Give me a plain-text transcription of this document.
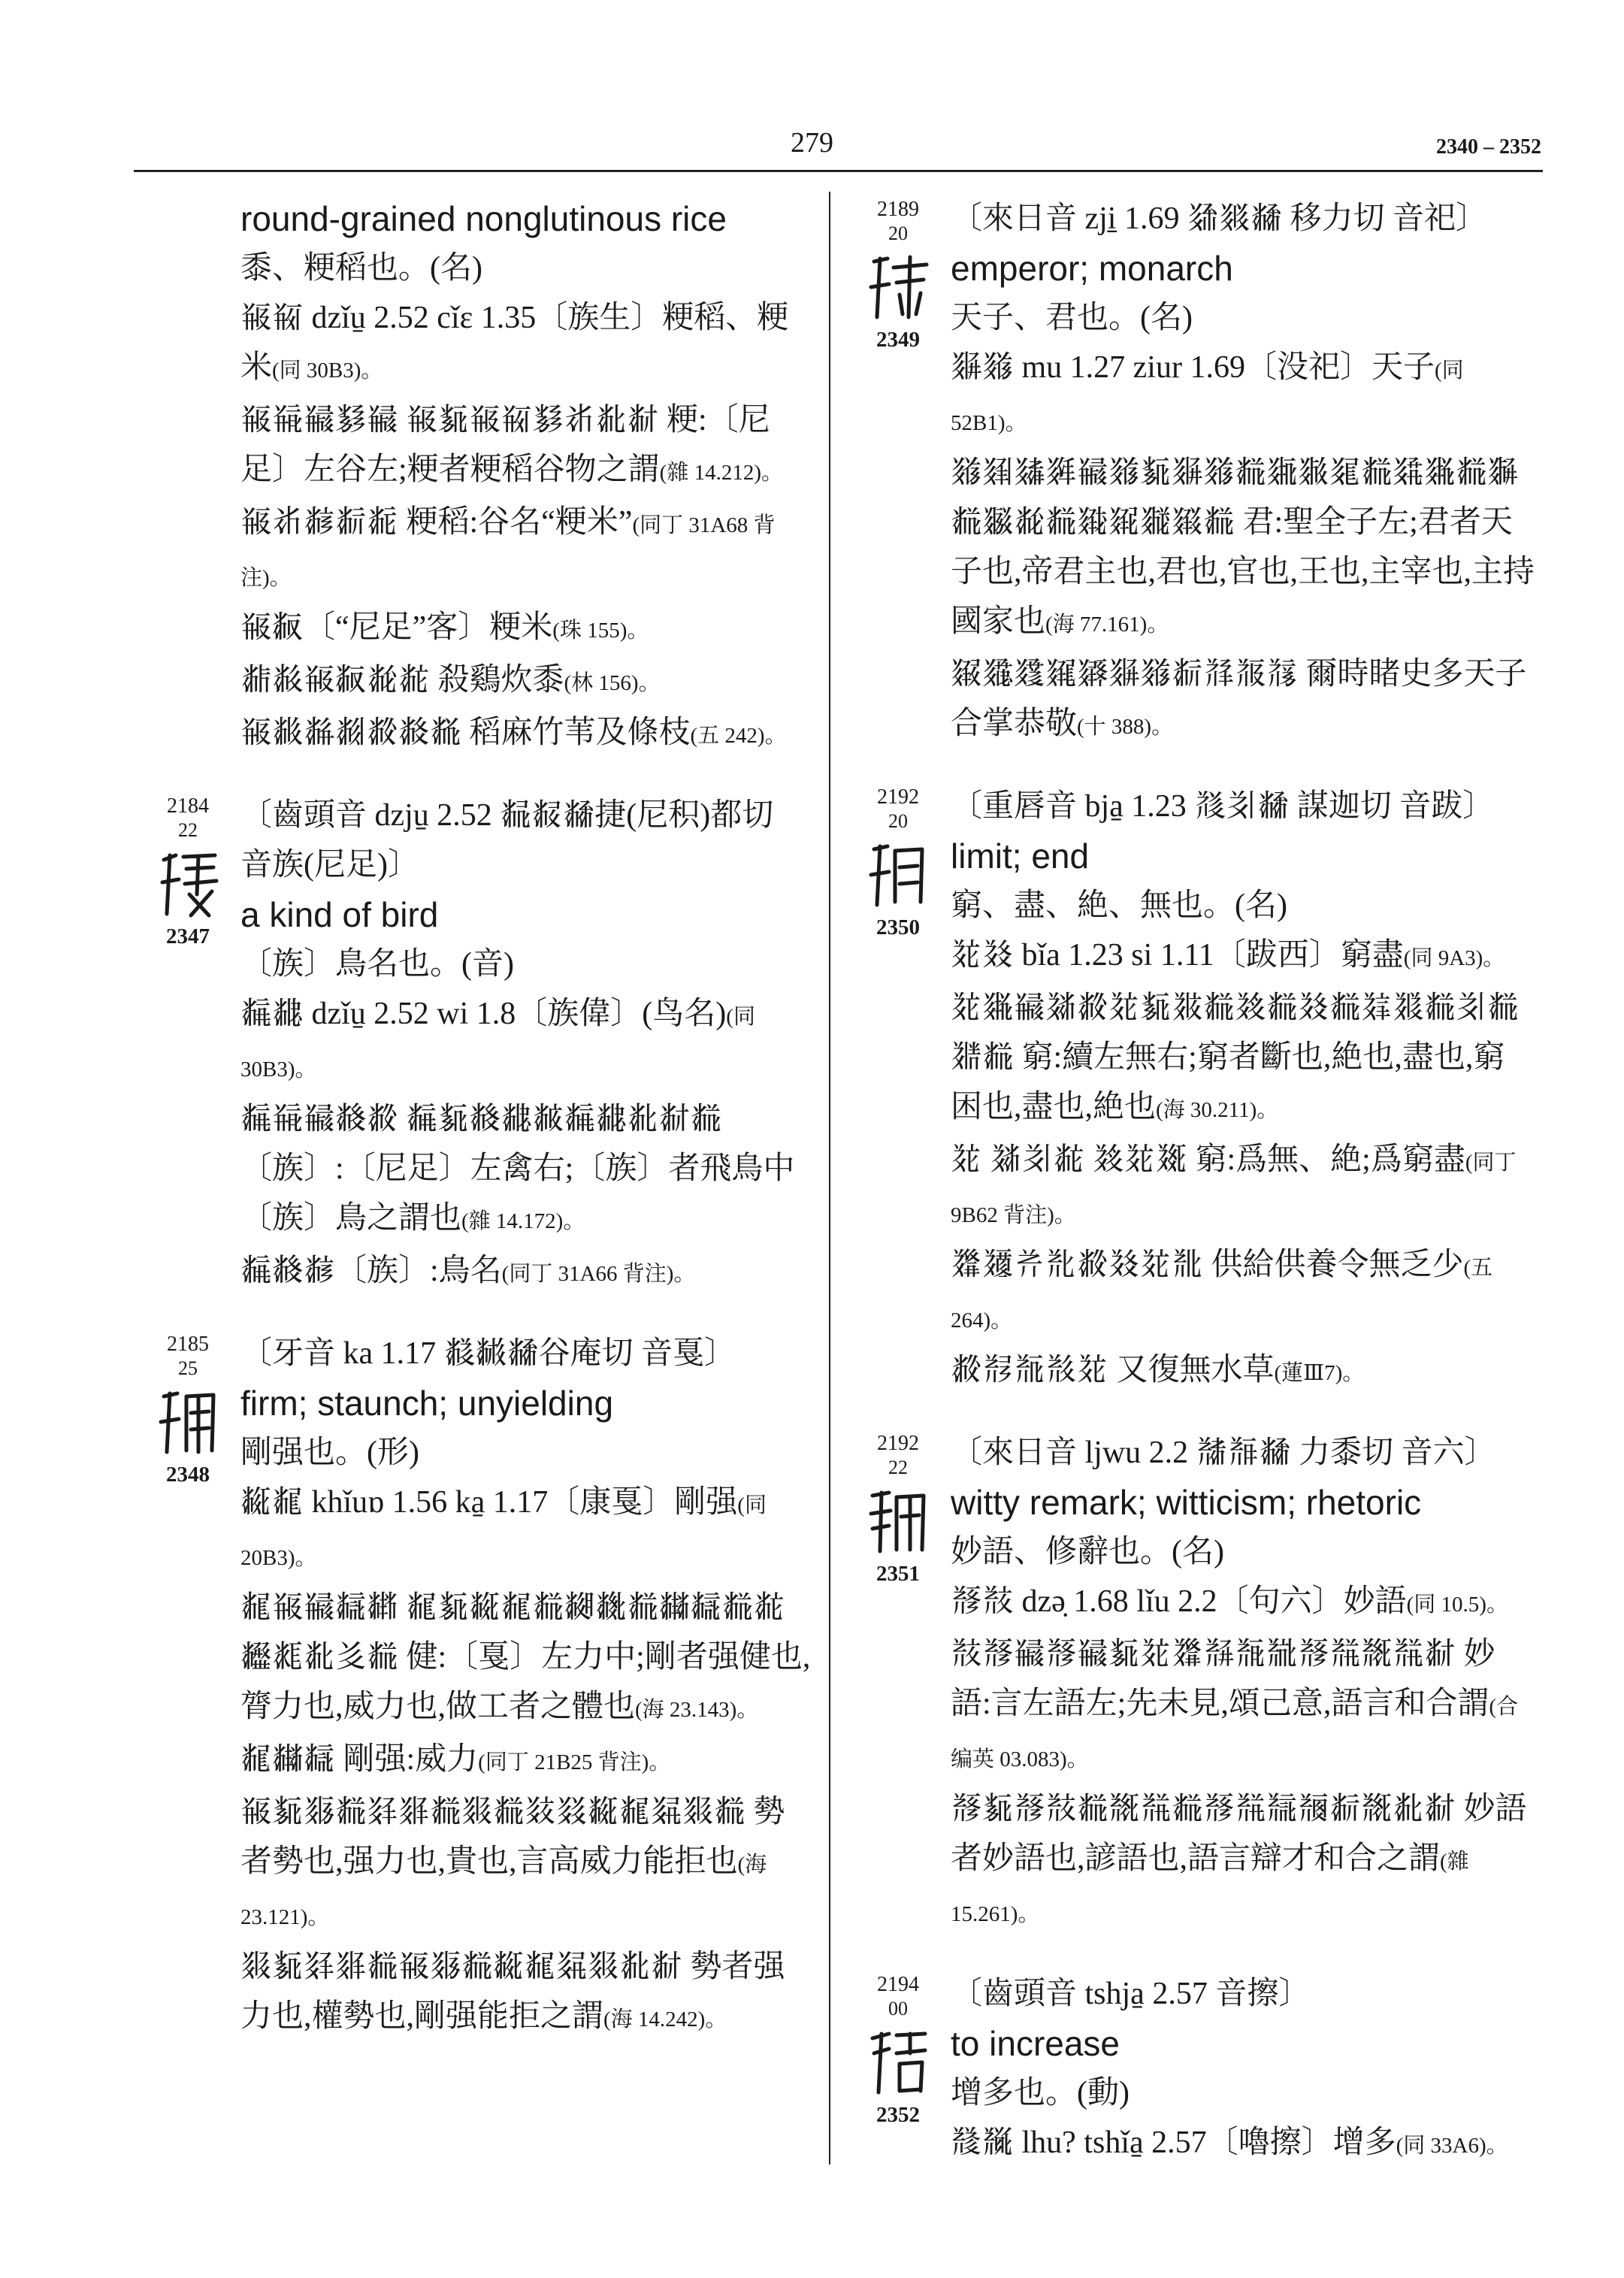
279	2340 – 2352
round-grained nonglutinous rice
黍、粳稻也。(名)
𘂀𘂁 dzǐu̠ 2.52 cǐɛ 1.35〔族生〕粳稻、粳米(同 30B3)。
𘂀𘂂𘂃𘂄𘂃 𘂀𘂅𘂀𘂁𘂄𘂆𘂇𘂈 粳:〔尼足〕左谷左;粳者粳稻谷物之謂(雜 14.212)。
𘂀𘂆𘂉𘂊𘂋 粳稻:谷名“粳米”(同丁 31A68 背注)。
𘂀𘂌〔“尼足”客〕粳米(珠 155)。
𘂍𘂎𘂀𘂌𘂏𘂐 殺鷄炊黍(林 156)。
𘂀𘂑𘂒𘂓𘂔𘂕𘂖 稻麻竹苇及條枝(五 242)。
2184
22
2347
〔齒頭音 dzju̠ 2.52 𘂗𘂘𘂙捷(尼积)都切 音族(尼足)〕
a kind of bird
〔族〕鳥名也。(音)
𘂚𘂛 dzǐu̠ 2.52 wi 1.8〔族偉〕(鸟名)(同 30B3)。
𘂚𘂂𘂃𘂜𘂔 𘂚𘂅𘂜𘂛𘂝𘂚𘂛𘂇𘂈𘂞〔族〕:〔尼足〕左禽右;〔族〕者飛鳥中〔族〕鳥之謂也(雜 14.172)。
𘂚𘂜𘂉〔族〕:鳥名(同丁 31A66 背注)。
2185
25
2348
〔牙音 ka 1.17 𘂟𘂠𘂙谷庵切 音戛〕
firm; staunch; unyielding
剛强也。(形)
𘂡𘂢 khǐuɒ 1.56 ka̠ 1.17〔康戛〕剛强(同 20B3)。
𘂢𘂀𘂃𘂣𘂤 𘂢𘂅𘂡𘂢𘂞𘂥𘂦𘂞𘂧𘂣𘂞𘂐𘂨𘂩𘂇𘂪𘂞 健:〔戛〕左力中;剛者强健也,膂力也,威力也,做工者之體也(海 23.143)。
𘂢𘂧𘂣 剛强:威力(同丁 21B25 背注)。
𘂀𘂅𘂫𘂞𘂬𘂭𘂞𘂮𘂞𘂯𘂰𘂡𘂢𘂱𘂮𘂞 勢者勢也,强力也,貴也,言高威力能拒也(海 23.121)。
𘂮𘂅𘂬𘂭𘂞𘂀𘂫𘂞𘂡𘂢𘂱𘂮𘂇𘂈 勢者强力也,權勢也,剛强能拒之謂(海 14.242)。
2189
20
2349
〔來日音 zji̠ 1.69 𘂲𘂳𘂙 移力切 音祀〕
emperor; monarch
天子、君也。(名)
𘂴𘂵 mu 1.27 ziur 1.69〔没祀〕天子(同 52B1)。
𘂵𘂶𘂷𘂸𘂃𘂵𘂅𘂴𘂵𘂞𘂹𘂺𘂻𘂞𘂼𘂽𘂞𘂾𘂞𘂿𘂏𘂞𘃀𘃁𘃂𘃃𘂞 君:聖全子左;君者天子也,帝君主也,君也,官也,王也,主宰也,主持國家也(海 77.161)。
𘃄𘃅𘃆𘃇𘃈𘂴𘂵𘂊𘃉𘃊𘃋 爾時睹史多天子合掌恭敬(十 388)。
2192
20
2350
〔重唇音 bja̠ 1.23 𘃌𘃍𘂙 謀迦切 音跋〕
limit; end
窮、盡、絶、無也。(名)
𘃎𘃏 bǐa 1.23 si 1.11〔跋西〕窮盡(同 9A3)。
𘃎𘂽𘂃𘃐𘂔𘃎𘂅𘃑𘂞𘃒𘂞𘃏𘂞𘃓𘃔𘂞𘃍𘂞𘃕𘂞 窮:續左無右;窮者斷也,絶也,盡也,窮困也,盡也,絶也(海 30.211)。
𘃎 𘃐𘃍𘂐 𘃒𘃎𘃖 窮:爲無、絶;爲窮盡(同丁 9B62 背注)。
𘃗𘃘𘃙𘃚𘂔𘃏𘃎𘃛 供給供養令無乏少(五 264)。
𘂔𘃜𘃝𘃞𘃎 又復無水草(蓮Ⅲ7)。
2192
22
2351
〔來日音 ljwu 2.2 𘃟𘃠𘂙 力黍切 音六〕
witty remark; witticism; rhetoric
妙語、修辭也。(名)
𘃡𘃢 dzə̣ 1.68 lǐu 2.2〔句六〕妙語(同 10.5)。
𘃢𘃡𘂃𘃡𘂃𘂅𘃎𘃗𘃣𘃤𘃥𘃡𘃦𘃧𘃦𘂈 妙語:言左語左;先未見,頌己意,語言和合謂(合编英 03.083)。
𘃡𘂅𘃡𘃢𘂞𘃧𘃦𘂞𘃡𘃦𘃨𘃩𘂊𘃧𘂇𘂈 妙語者妙語也,諺語也,語言辯才和合之謂(雜 15.261)。
2194
00
2352
〔齒頭音 tshja̠ 2.57 音擦〕
to increase
增多也。(動)
𘃪𘃫 lhu? tshǐa̠ 2.57〔嚕擦〕增多(同 33A6)。
